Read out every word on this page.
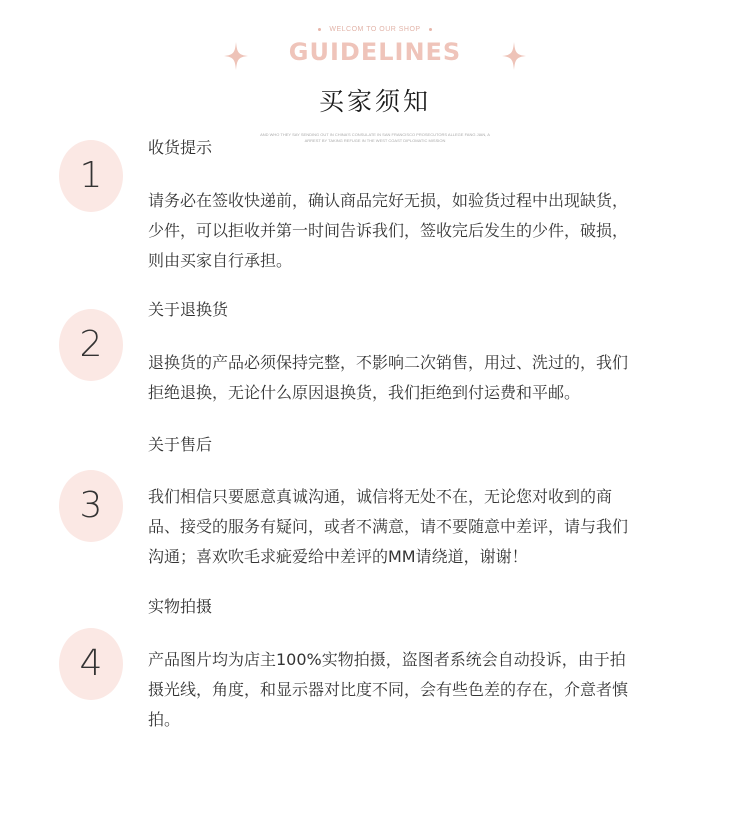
WELCOM TO OUR SHOP
GUIDELINES
买家须知
AND WHO THEY SAY SENDING OUT IN CHINA'S CONSULATE IN SAN FRANCISCO PROSECUTORS ALLEGE FANG JIAN, A
ARREST BY TAKING REFUGE IN THE WEST COAST DIPLOMATIC MISSION
1
收货提示
请务必在签收快递前，确认商品完好无损，如验货过程中出现缺货，
少件，可以拒收并第一时间告诉我们，签收完后发生的少件，破损，
则由买家自行承担。
2
关于退换货
退换货的产品必须保持完整，不影响二次销售，用过、洗过的，我们
拒绝退换，无论什么原因退换货，我们拒绝到付运费和平邮。
3
关于售后
我们相信只要愿意真诚沟通，诚信将无处不在，无论您对收到的商
品、接受的服务有疑问，或者不满意，请不要随意中差评，请与我们
沟通；喜欢吹毛求疵爱给中差评的MM请绕道，谢谢！
4
实物拍摄
产品图片均为店主100%实物拍摄，盗图者系统会自动投诉，由于拍
摄光线，角度，和显示器对比度不同，会有些色差的存在，介意者慎
拍。
